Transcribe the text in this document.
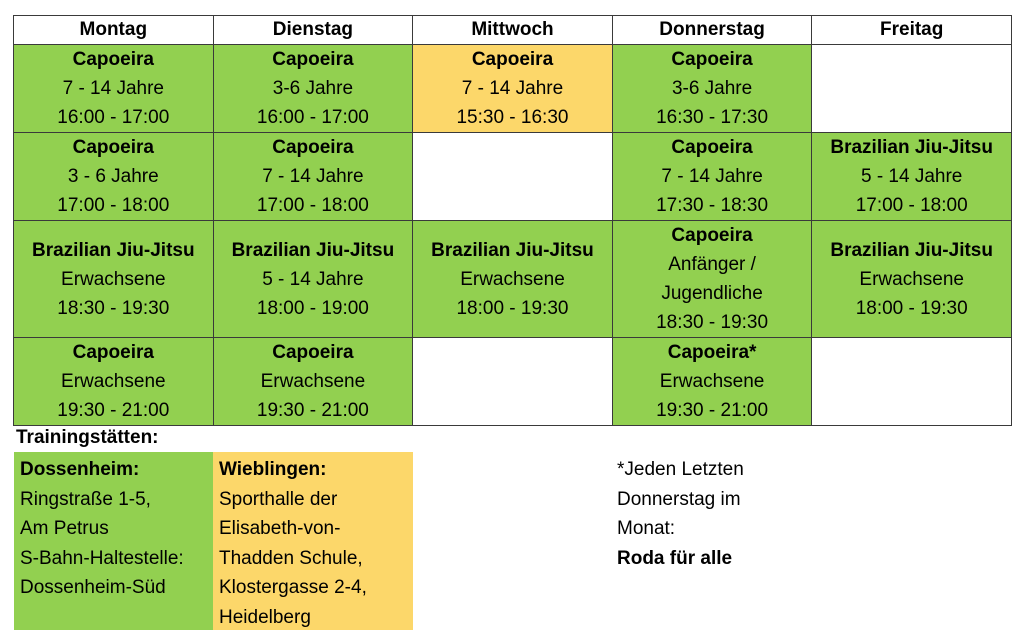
Montag	Dienstag	Mittwoch	Donnerstag	Freitag

Capoeira
7 - 14 Jahre
16:00 - 17:00	Capoeira
3-6 Jahre
16:00 - 17:00	Capoeira
7 - 14 Jahre
15:30 - 16:30	Capoeira
3-6 Jahre
16:30 - 17:30	

Capoeira
3 - 6 Jahre
17:00 - 18:00	Capoeira
7 - 14 Jahre
17:00 - 18:00		Capoeira
7 - 14 Jahre
17:30 - 18:30	Brazilian Jiu-Jitsu
5 - 14 Jahre
17:00 - 18:00

Brazilian Jiu-Jitsu
Erwachsene
18:30 - 19:30	Brazilian Jiu-Jitsu
5 - 14 Jahre
18:00 - 19:00	Brazilian Jiu-Jitsu
Erwachsene
18:00 - 19:30	Capoeira
Anfänger /
Jugendliche
18:30 - 19:30	Brazilian Jiu-Jitsu
Erwachsene
18:00 - 19:30

Capoeira
Erwachsene
19:30 - 21:00	Capoeira
Erwachsene
19:30 - 21:00		Capoeira*
Erwachsene
19:30 - 21:00	

Trainingstätten:
Dossenheim:
Ringstraße 1-5,
Am Petrus
S-Bahn-Haltestelle:
Dossenheim-Süd
Wieblingen:
Sporthalle der
Elisabeth-von-
Thadden Schule,
Klostergasse 2-4,
Heidelberg
*Jeden Letzten
Donnerstag im
Monat:
Roda für alle
